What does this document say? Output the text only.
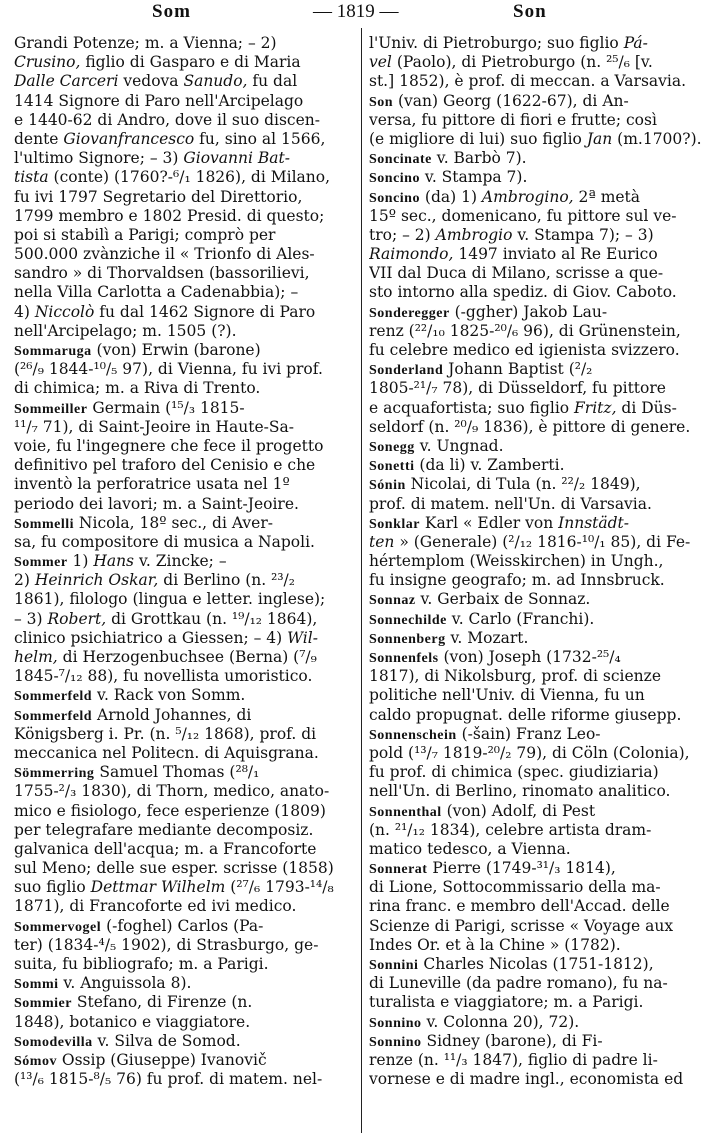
Som	— 1819 —	Son
Grandi Potenze; m. a Vienna; – 2)
Crusino, figlio di Gasparo e di Maria
Dalle Carceri vedova Sanudo, fu dal
1414 Signore di Paro nell'Arcipelago
e 1440-62 di Andro, dove il suo discen-
dente Giovanfrancesco fu, sino al 1566,
l'ultimo Signore; – 3) Giovanni Bat-
tista (conte) (1760?-⁶/₁ 1826), di Milano,
fu ivi 1797 Segretario del Direttorio,
1799 membro e 1802 Presid. di questo;
poi si stabilì a Parigi; comprò per
500.000 zvànziche il « Trionfo di Ales-
sandro » di Thorvaldsen (bassorilievi,
nella Villa Carlotta a Cadenabbia); –
4) Niccolò fu dal 1462 Signore di Paro
nell'Arcipelago; m. 1505 (?).
Sommaruga (von) Erwin (barone)
(²⁶/₉ 1844-¹⁰/₅ 97), di Vienna, fu ivi prof.
di chimica; m. a Riva di Trento.
Sommeiller Germain (¹⁵/₃ 1815-
¹¹/₇ 71), di Saint-Jeoire in Haute-Sa-
voie, fu l'ingegnere che fece il progetto
definitivo pel traforo del Cenisio e che
inventò la perforatrice usata nel 1º
periodo dei lavori; m. a Saint-Jeoire.
Sommelli Nicola, 18º sec., di Aver-
sa, fu compositore di musica a Napoli.
Sommer 1) Hans v. Zincke; –
2) Heinrich Oskar, di Berlino (n. ²³/₂
1861), filologo (lingua e letter. inglese);
– 3) Robert, di Grottkau (n. ¹⁹/₁₂ 1864),
clinico psichiatrico a Giessen; – 4) Wil-
helm, di Herzogenbuchsee (Berna) (⁷/₉
1845-⁷/₁₂ 88), fu novellista umoristico.
Sommerfeld v. Rack von Somm.
Sommerfeld Arnold Johannes, di
Königsberg i. Pr. (n. ⁵/₁₂ 1868), prof. di
meccanica nel Politecn. di Aquisgrana.
Sömmerring Samuel Thomas (²⁸/₁
1755-²/₃ 1830), di Thorn, medico, anato-
mico e fisiologo, fece esperienze (1809)
per telegrafare mediante decomposiz.
galvanica dell'acqua; m. a Francoforte
sul Meno; delle sue esper. scrisse (1858)
suo figlio Dettmar Wilhelm (²⁷/₆ 1793-¹⁴/₈
1871), di Francoforte ed ivi medico.
Sommervogel (-foghel) Carlos (Pa-
ter) (1834-⁴/₅ 1902), di Strasburgo, ge-
suita, fu bibliografo; m. a Parigi.
Sommi v. Anguissola 8).
Sommier Stefano, di Firenze (n.
1848), botanico e viaggiatore.
Somodevilla v. Silva de Somod.
Sómov Ossip (Giuseppe) Ivanovič
(¹³/₆ 1815-⁸/₅ 76) fu prof. di matem. nel-
l'Univ. di Pietroburgo; suo figlio Pá-
vel (Paolo), di Pietroburgo (n. ²⁵/₆ [v.
st.] 1852), è prof. di meccan. a Varsavia.
Son (van) Georg (1622-67), di An-
versa, fu pittore di fiori e frutte; così
(e migliore di lui) suo figlio Jan (m.1700?).
Soncinate v. Barbò 7).
Soncino v. Stampa 7).
Soncino (da) 1) Ambrogino, 2ª metà
15º sec., domenicano, fu pittore sul ve-
tro; – 2) Ambrogio v. Stampa 7); – 3)
Raimondo, 1497 inviato al Re Eurico
VII dal Duca di Milano, scrisse a que-
sto intorno alla spediz. di Giov. Caboto.
Sonderegger (-ggher) Jakob Lau-
renz (²²/₁₀ 1825-²⁰/₆ 96), di Grünenstein,
fu celebre medico ed igienista svizzero.
Sonderland Johann Baptist (²/₂
1805-²¹/₇ 78), di Düsseldorf, fu pittore
e acquafortista; suo figlio Fritz, di Düs-
seldorf (n. ²⁰/₉ 1836), è pittore di genere.
Sonegg v. Ungnad.
Sonetti (da li) v. Zamberti.
Sónin Nicolai, di Tula (n. ²²/₂ 1849),
prof. di matem. nell'Un. di Varsavia.
Sonklar Karl « Edler von Innstädt-
ten » (Generale) (²/₁₂ 1816-¹⁰/₁ 85), di Fe-
hértemplom (Weisskirchen) in Ungh.,
fu insigne geografo; m. ad Innsbruck.
Sonnaz v. Gerbaix de Sonnaz.
Sonnechilde v. Carlo (Franchi).
Sonnenberg v. Mozart.
Sonnenfels (von) Joseph (1732-²⁵/₄
1817), di Nikolsburg, prof. di scienze
politiche nell'Univ. di Vienna, fu un
caldo propugnat. delle riforme giusepp.
Sonnenschein (-šain) Franz Leo-
pold (¹³/₇ 1819-²⁰/₂ 79), di Cöln (Colonia),
fu prof. di chimica (spec. giudiziaria)
nell'Un. di Berlino, rinomato analitico.
Sonnenthal (von) Adolf, di Pest
(n. ²¹/₁₂ 1834), celebre artista dram-
matico tedesco, a Vienna.
Sonnerat Pierre (1749-³¹/₃ 1814),
di Lione, Sottocommissario della ma-
rina franc. e membro dell'Accad. delle
Scienze di Parigi, scrisse « Voyage aux
Indes Or. et à la Chine » (1782).
Sonnini Charles Nicolas (1751-1812),
di Luneville (da padre romano), fu na-
turalista e viaggiatore; m. a Parigi.
Sonnino v. Colonna 20), 72).
Sonnino Sidney (barone), di Fi-
renze (n. ¹¹/₃ 1847), figlio di padre li-
vornese e di madre ingl., economista ed
